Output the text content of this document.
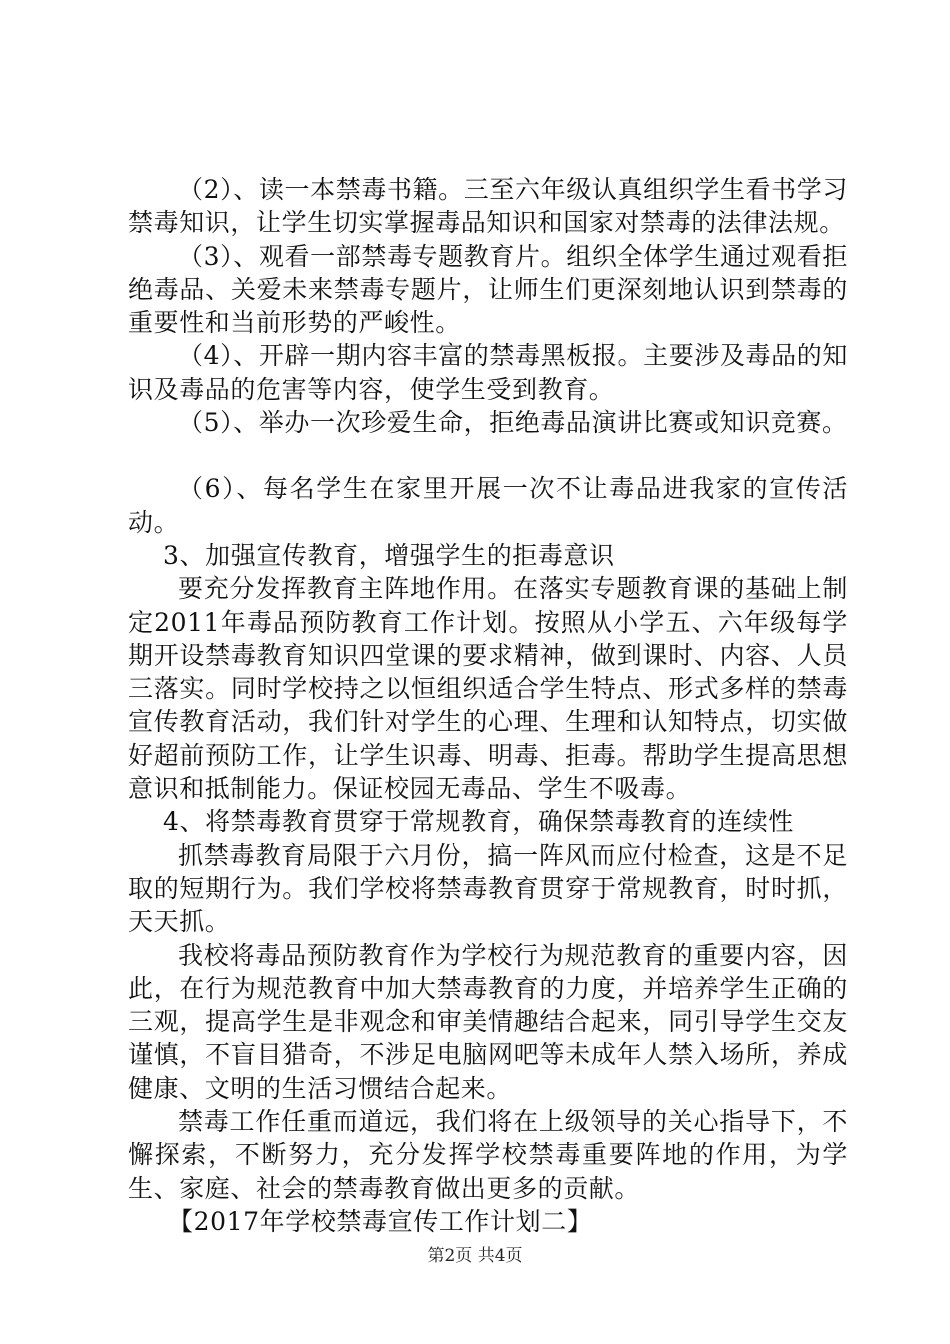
（2）、读一本禁毒书籍。三至六年级认真组织学生看书学习禁毒知识，让学生切实掌握毒品知识和国家对禁毒的法律法规。

（3）、观看一部禁毒专题教育片。组织全体学生通过观看拒绝毒品、关爱未来禁毒专题片，让师生们更深刻地认识到禁毒的重要性和当前形势的严峻性。

（4）、开辟一期内容丰富的禁毒黑板报。主要涉及毒品的知识及毒品的危害等内容，使学生受到教育。

（5）、举办一次珍爱生命，拒绝毒品演讲比赛或知识竞赛。

（6）、每名学生在家里开展一次不让毒品进我家的宣传活动。

3、加强宣传教育，增强学生的拒毒意识

要充分发挥教育主阵地作用。在落实专题教育课的基础上制定2011年毒品预防教育工作计划。按照从小学五、六年级每学期开设禁毒教育知识四堂课的要求精神，做到课时、内容、人员三落实。同时学校持之以恒组织适合学生特点、形式多样的禁毒宣传教育活动，我们针对学生的心理、生理和认知特点，切实做好超前预防工作，让学生识毒、明毒、拒毒。帮助学生提高思想意识和抵制能力。保证校园无毒品、学生不吸毒。

4、将禁毒教育贯穿于常规教育，确保禁毒教育的连续性

抓禁毒教育局限于六月份，搞一阵风而应付检查，这是不足取的短期行为。我们学校将禁毒教育贯穿于常规教育，时时抓，天天抓。

我校将毒品预防教育作为学校行为规范教育的重要内容，因此，在行为规范教育中加大禁毒教育的力度，并培养学生正确的三观，提高学生是非观念和审美情趣结合起来，同引导学生交友谨慎，不盲目猎奇，不涉足电脑网吧等未成年人禁入场所，养成健康、文明的生活习惯结合起来。

禁毒工作任重而道远，我们将在上级领导的关心指导下，不懈探索，不断努力，充分发挥学校禁毒重要阵地的作用，为学生、家庭、社会的禁毒教育做出更多的贡献。

【2017年学校禁毒宣传工作计划二】

第2页 共4页
